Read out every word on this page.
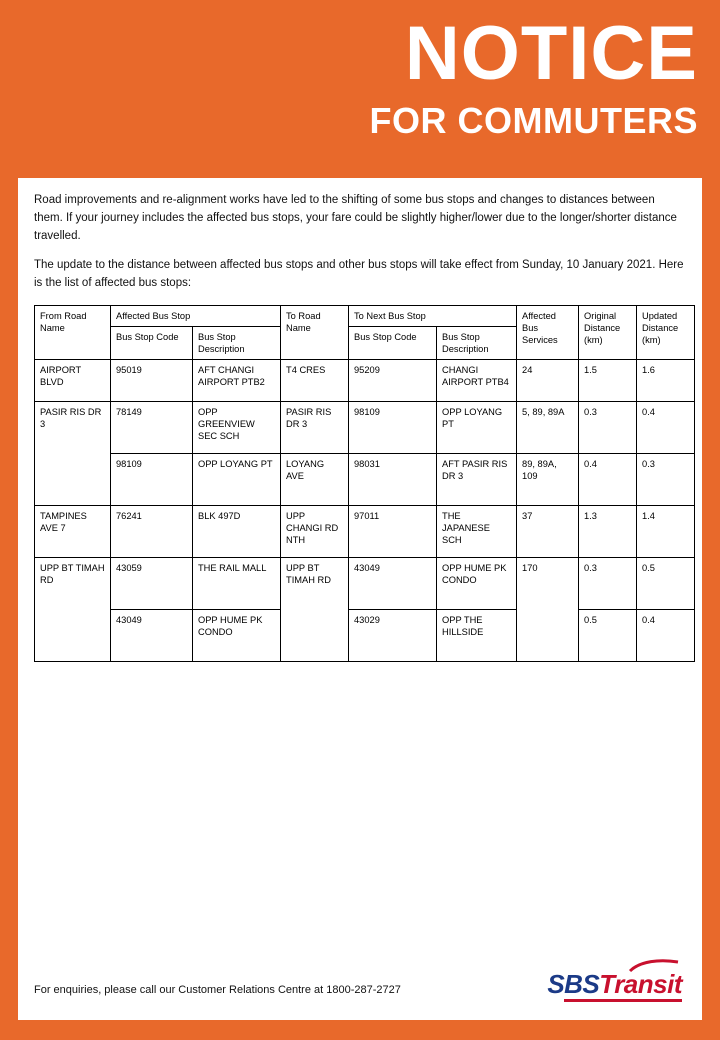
NOTICE
FOR COMMUTERS

Road improvements and re-alignment works have led to the shifting of some bus stops and changes to distances between them. If your journey includes the affected bus stops, your fare could be slightly higher/lower due to the longer/shorter distance travelled.

The update to the distance between affected bus stops and other bus stops will take effect from Sunday, 10 January 2021. Here is the list of affected bus stops:

From Road Name	Affected Bus Stop		To Road Name	To Next Bus Stop		Affected Bus Services	Original Distance (km)	Updated Distance (km)
	Bus Stop Code	Bus Stop Description		Bus Stop Code	Bus Stop Description			
AIRPORT BLVD	95019	AFT CHANGI AIRPORT PTB2	T4 CRES	95209	CHANGI AIRPORT PTB4	24	1.5	1.6
PASIR RIS DR 3	78149	OPP GREENVIEW SEC SCH	PASIR RIS DR 3	98109	OPP LOYANG PT	5, 89, 89A	0.3	0.4
	98109	OPP LOYANG PT	LOYANG AVE	98031	AFT PASIR RIS DR 3	89, 89A, 109	0.4	0.3
TAMPINES AVE 7	76241	BLK 497D	UPP CHANGI RD NTH	97011	THE JAPANESE SCH	37	1.3	1.4
UPP BT TIMAH RD	43059	THE RAIL MALL	UPP BT TIMAH RD	43049	OPP HUME PK CONDO	170	0.3	0.5
	43049	OPP HUME PK CONDO		43029	OPP THE HILLSIDE		0.5	0.4
For enquiries, please call our Customer Relations Centre at 1800-287-2727	SBSTransit
